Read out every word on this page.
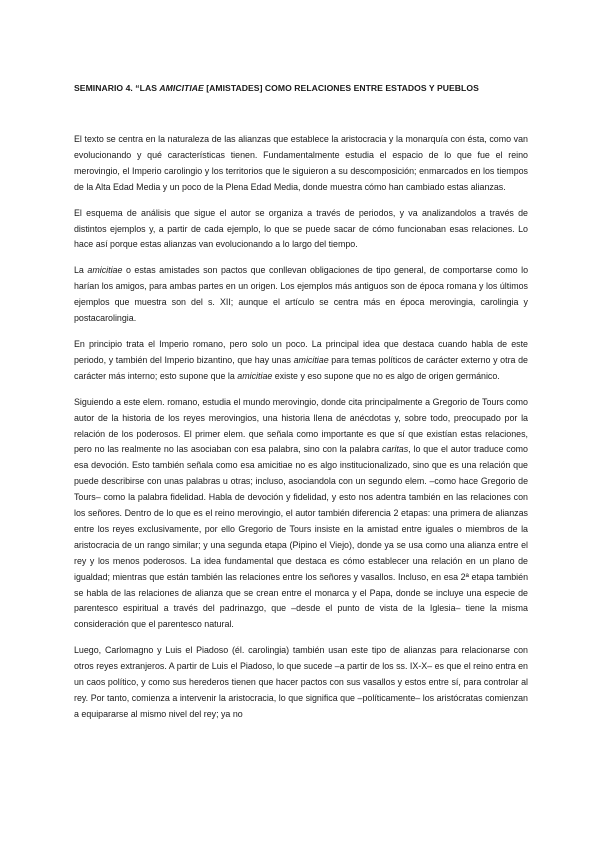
SEMINARIO 4. “LAS AMICITIAE [AMISTADES] COMO RELACIONES ENTRE ESTADOS Y PUEBLOS

El texto se centra en la naturaleza de las alianzas que establece la aristocracia y la monarquía con ésta, como van evolucionando y qué características tienen. Fundamentalmente estudia el espacio de lo que fue el reino merovingio, el Imperio carolingio y los territorios que le siguieron a su descomposición; enmarcados en los tiempos de la Alta Edad Media y un poco de la Plena Edad Media, donde muestra cómo han cambiado estas alianzas.

El esquema de análisis que sigue el autor se organiza a través de periodos, y va analizandolos a través de distintos ejemplos y, a partir de cada ejemplo, lo que se puede sacar de cómo funcionaban esas relaciones. Lo hace así porque estas alianzas van evolucionando a lo largo del tiempo.

La amicitiae o estas amistades son pactos que conllevan obligaciones de tipo general, de comportarse como lo harían los amigos, para ambas partes en un origen. Los ejemplos más antiguos son de época romana y los últimos ejemplos que muestra son del s. XII; aunque el artículo se centra más en época merovingia, carolingia y postacarolingia.

En principio trata el Imperio romano, pero solo un poco. La principal idea que destaca cuando habla de este periodo, y también del Imperio bizantino, que hay unas amicitiae para temas políticos de carácter externo y otra de carácter más interno; esto supone que la amicitiae existe y eso supone que no es algo de origen germánico.

Siguiendo a este elem. romano, estudia el mundo merovingio, donde cita principalmente a Gregorio de Tours como autor de la historia de los reyes merovingios, una historia llena de anécdotas y, sobre todo, preocupado por la relación de los poderosos. El primer elem. que señala como importante es que sí que existían estas relaciones, pero no las realmente no las asociaban con esa palabra, sino con la palabra caritas, lo que el autor traduce como esa devoción. Esto también señala como esa amicitiae no es algo institucionalizado, sino que es una relación que puede describirse con unas palabras u otras; incluso, asociandola con un segundo elem. –como hace Gregorio de Tours– como la palabra fidelidad. Habla de devoción y fidelidad, y esto nos adentra también en las relaciones con los señores. Dentro de lo que es el reino merovingio, el autor también diferencia 2 etapas: una primera de alianzas entre los reyes exclusivamente, por ello Gregorio de Tours insiste en la amistad entre iguales o miembros de la aristocracia de un rango similar; y una segunda etapa (Pipino el Viejo), donde ya se usa como una alianza entre el rey y los menos poderosos. La idea fundamental que destaca es cómo establecer una relación en un plano de igualdad; mientras que están también las relaciones entre los señores y vasallos. Incluso, en esa 2ª etapa también se habla de las relaciones de alianza que se crean entre el monarca y el Papa, donde se incluye una especie de parentesco espiritual a través del padrinazgo, que –desde el punto de vista de la Iglesia– tiene la misma consideración que el parentesco natural.

Luego, Carlomagno y Luis el Piadoso (él. carolingia) también usan este tipo de alianzas para relacionarse con otros reyes extranjeros. A partir de Luis el Piadoso, lo que sucede –a partir de los ss. IX-X– es que el reino entra en un caos político, y como sus herederos tienen que hacer pactos con sus vasallos y estos entre sí, para controlar al rey. Por tanto, comienza a intervenir la aristocracia, lo que significa que –políticamente– los aristócratas comienzan a equipararse al mismo nivel del rey; ya no
